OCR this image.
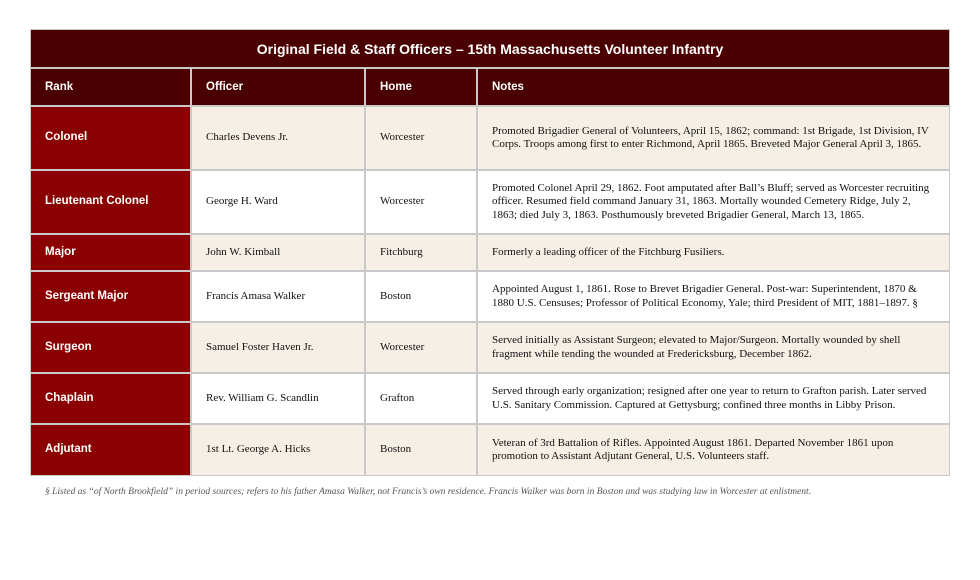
Original Field & Staff Officers – 15th Massachusetts Volunteer Infantry			
Rank	Officer	Home	Notes
Colonel	Charles Devens Jr.	Worcester	Promoted Brigadier General of Volunteers, April 15, 1862; command: 1st Brigade, 1st Division, IV Corps. Troops among first to enter Richmond, April 1865. Breveted Major General April 3, 1865.
Lieutenant Colonel	George H. Ward	Worcester	Promoted Colonel April 29, 1862. Foot amputated after Ball’s Bluff; served as Worcester recruiting officer. Resumed field command January 31, 1863. Mortally wounded Cemetery Ridge, July 2, 1863; died July 3, 1863. Posthumously breveted Brigadier General, March 13, 1865.
Major	John W. Kimball	Fitchburg	Formerly a leading officer of the Fitchburg Fusiliers.
Sergeant Major	Francis Amasa Walker	Boston	Appointed August 1, 1861. Rose to Brevet Brigadier General. Post-war: Superintendent, 1870 & 1880 U.S. Censuses; Professor of Political Economy, Yale; third President of MIT, 1881–1897. §
Surgeon	Samuel Foster Haven Jr.	Worcester	Served initially as Assistant Surgeon; elevated to Major/Surgeon. Mortally wounded by shell fragment while tending the wounded at Fredericksburg, December 1862.
Chaplain	Rev. William G. Scandlin	Grafton	Served through early organization; resigned after one year to return to Grafton parish. Later served U.S. Sanitary Commission. Captured at Gettysburg; confined three months in Libby Prison.
Adjutant	1st Lt. George A. Hicks	Boston	Veteran of 3rd Battalion of Rifles. Appointed August 1861. Departed November 1861 upon promotion to Assistant Adjutant General, U.S. Volunteers staff.
§ Listed as “of North Brookfield” in period sources; refers to his father Amasa Walker, not Francis’s own residence. Francis Walker was born in Boston and was studying law in Worcester at enlistment.
